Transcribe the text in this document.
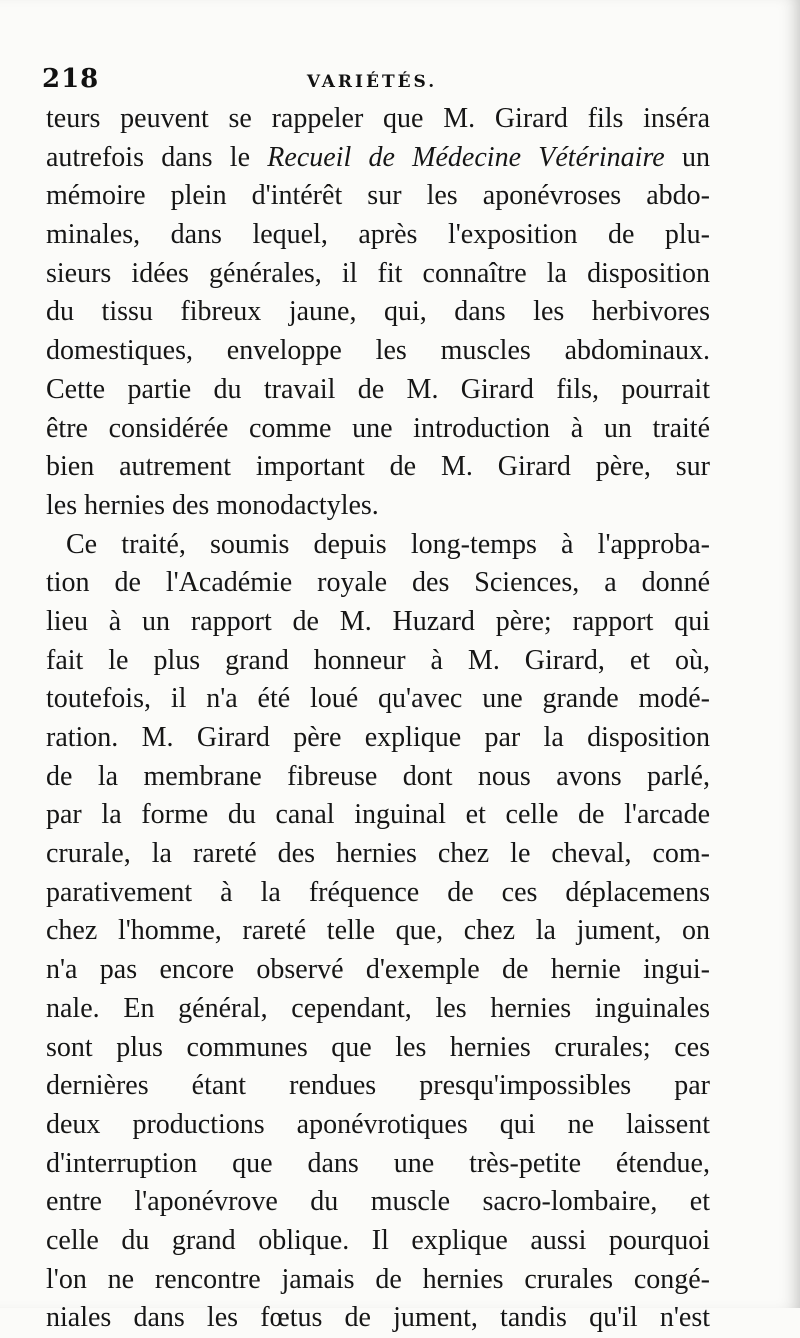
218	VARIÉTÉS.
teurs peuvent se rappeler que M. Girard fils inséra
autrefois dans le Recueil de Médecine Vétérinaire un
mémoire plein d'intérêt sur les aponévroses abdo-
minales, dans lequel, après l'exposition de plu-
sieurs idées générales, il fit connaître la disposition
du tissu fibreux jaune, qui, dans les herbivores
domestiques, enveloppe les muscles abdominaux.
Cette partie du travail de M. Girard fils, pourrait
être considérée comme une introduction à un traité
bien autrement important de M. Girard père, sur
les hernies des monodactyles.
Ce traité, soumis depuis long-temps à l'approba-
tion de l'Académie royale des Sciences, a donné
lieu à un rapport de M. Huzard père; rapport qui
fait le plus grand honneur à M. Girard, et où,
toutefois, il n'a été loué qu'avec une grande modé-
ration. M. Girard père explique par la disposition
de la membrane fibreuse dont nous avons parlé,
par la forme du canal inguinal et celle de l'arcade
crurale, la rareté des hernies chez le cheval, com-
parativement à la fréquence de ces déplacemens
chez l'homme, rareté telle que, chez la jument, on
n'a pas encore observé d'exemple de hernie ingui-
nale. En général, cependant, les hernies inguinales
sont plus communes que les hernies crurales; ces
dernières étant rendues presqu'impossibles par
deux productions aponévrotiques qui ne laissent
d'interruption que dans une très-petite étendue,
entre l'aponévrove du muscle sacro-lombaire, et
celle du grand oblique. Il explique aussi pourquoi
l'on ne rencontre jamais de hernies crurales congé-
niales dans les fœtus de jument, tandis qu'il n'est
